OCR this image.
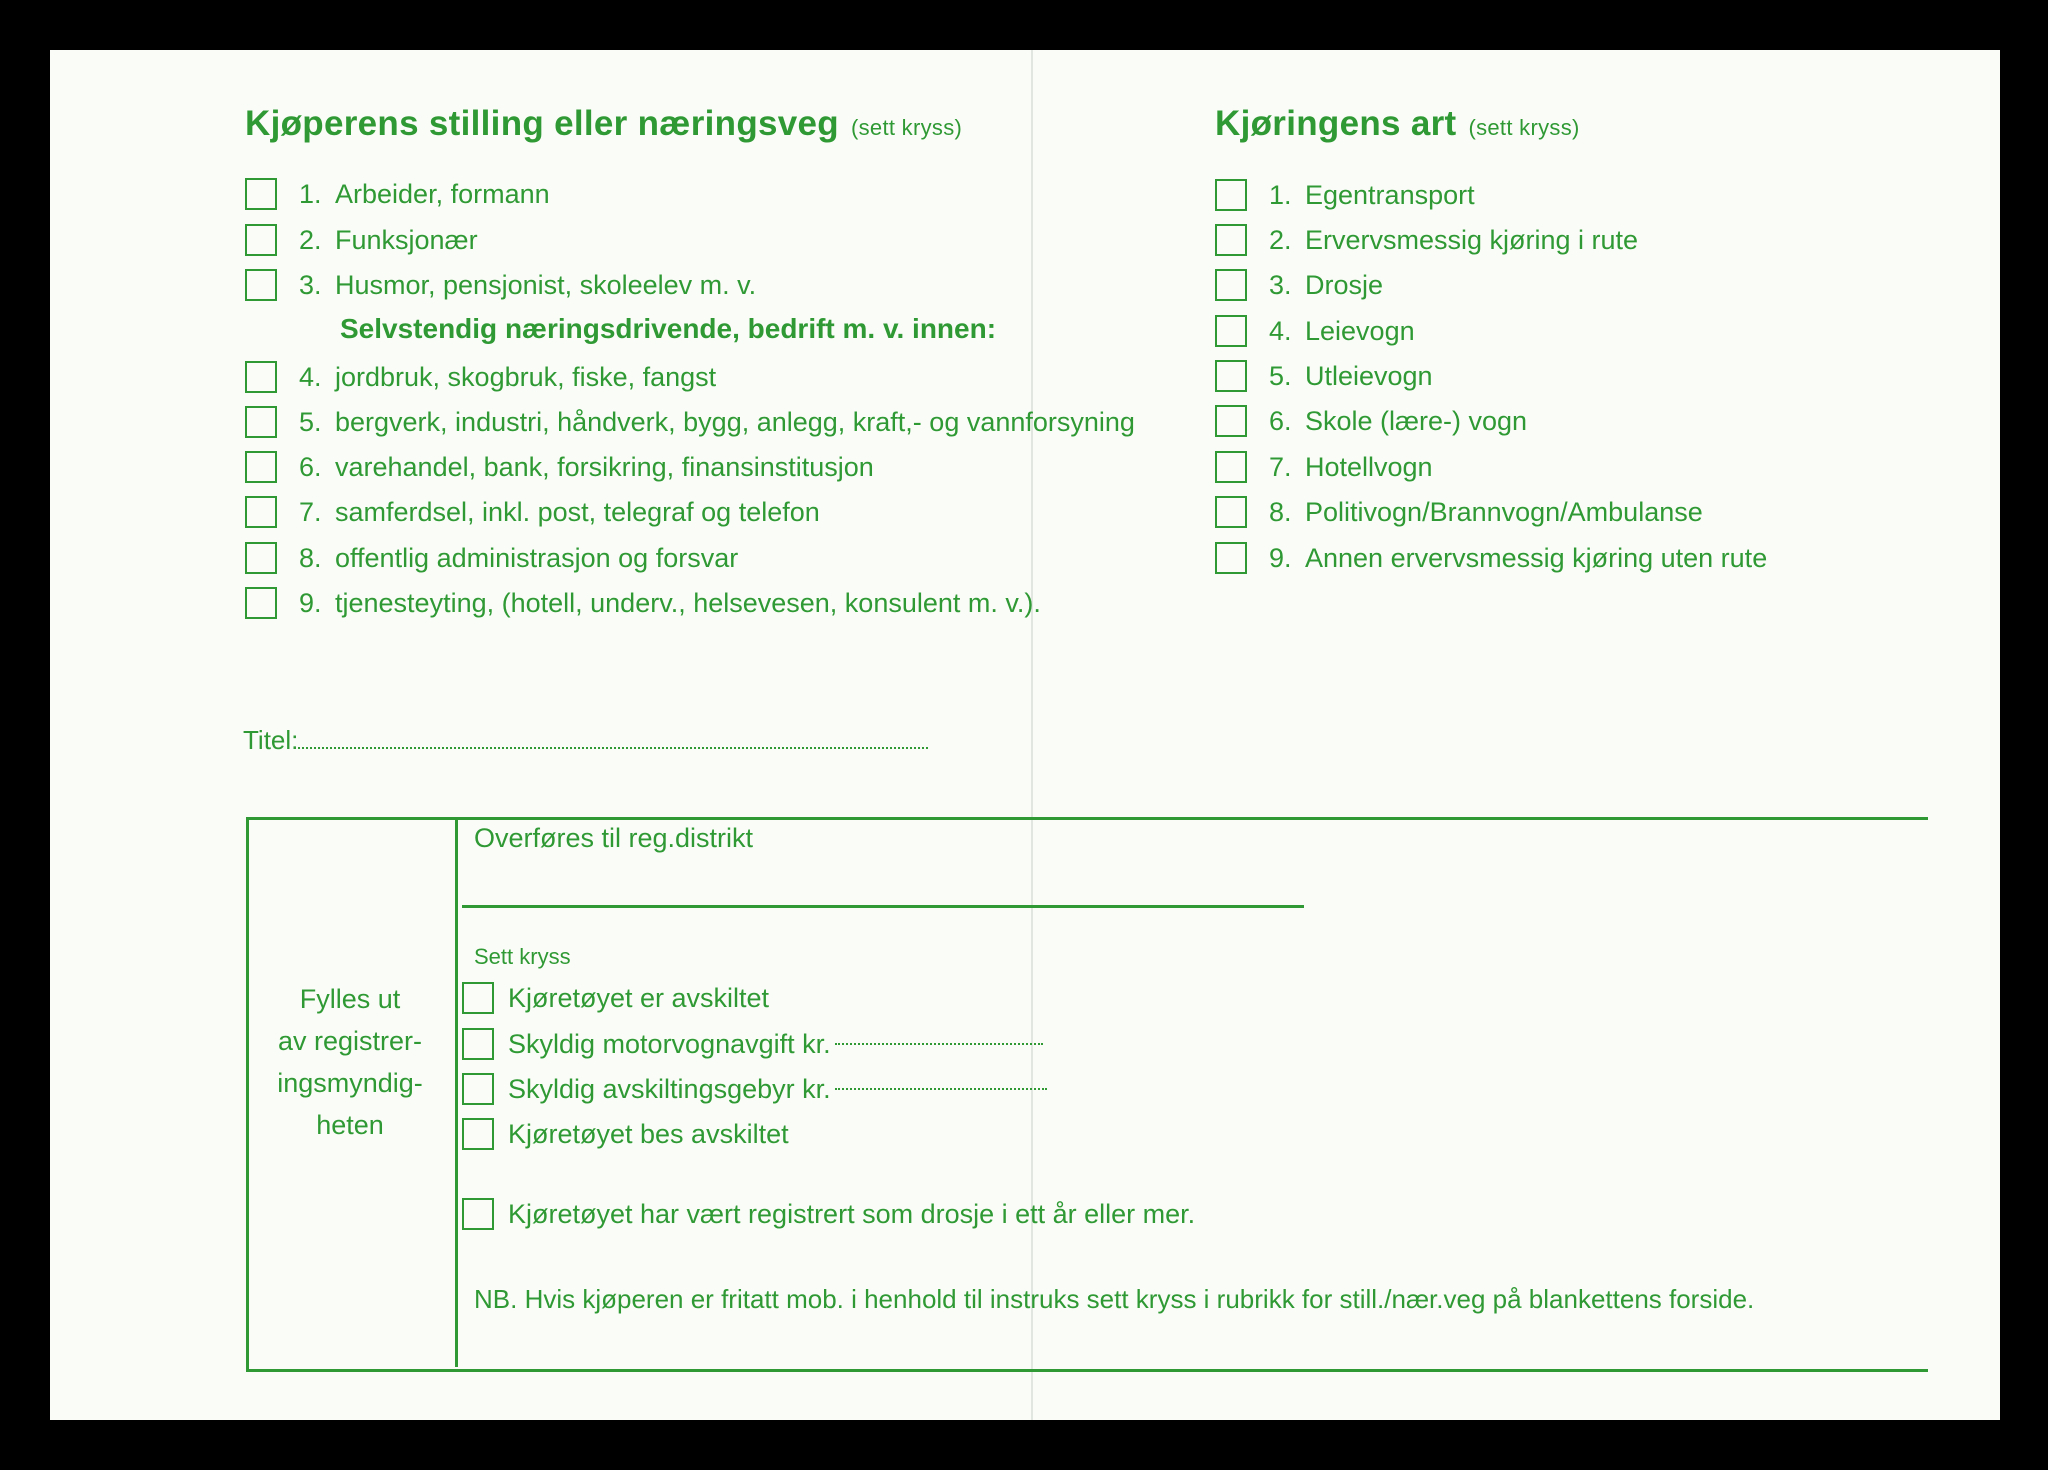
Kjøperens stilling eller næringsveg (sett kryss)
1. Arbeider, formann
2. Funksjonær
3. Husmor, pensjonist, skoleelev m. v.
Selvstendig næringsdrivende, bedrift m. v. innen:
4. jordbruk, skogbruk, fiske, fangst
5. bergverk, industri, håndverk, bygg, anlegg, kraft,- og vannforsyning
6. varehandel, bank, forsikring, finansinstitusjon
7. samferdsel, inkl. post, telegraf og telefon
8. offentlig administrasjon og forsvar
9. tjenesteyting, (hotell, underv., helsevesen, konsulent m. v.).
Titel:
Kjøringens art (sett kryss)
1. Egentransport
2. Ervervsmessig kjøring i rute
3. Drosje
4. Leievogn
5. Utleievogn
6. Skole (lære-) vogn
7. Hotellvogn
8. Politivogn/Brannvogn/Ambulanse
9. Annen ervervsmessig kjøring uten rute
Fylles ut
av registrer-
ingsmyndig-
heten
Overføres til reg.distrikt
Sett kryss
Kjøretøyet er avskiltet
Skyldig motorvognavgift kr.
Skyldig avskiltingsgebyr kr.
Kjøretøyet bes avskiltet
Kjøretøyet har vært registrert som drosje i ett år eller mer.
NB. Hvis kjøperen er fritatt mob. i henhold til instruks sett kryss i rubrikk for still./nær.veg på blankettens forside.
